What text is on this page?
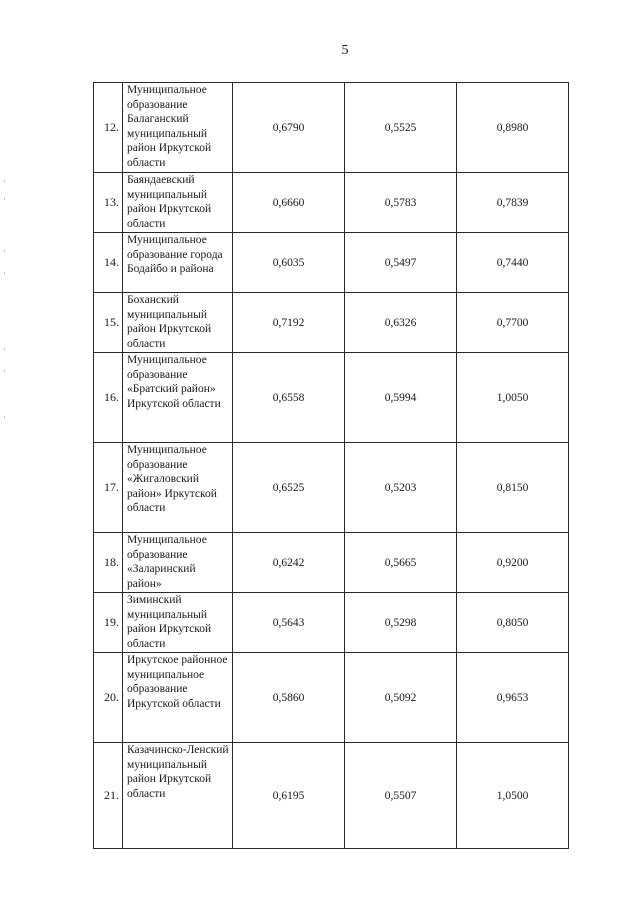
5
12.	Муниципальное образование Балаганский муниципальный район Иркутской области	0,6790	0,5525	0,8980
13.	Баяндаевский муниципальный район Иркутской области	0,6660	0,5783	0,7839
14.	Муниципальное образование города Бодайбо и района	0,6035	0,5497	0,7440
15.	Боханский муниципальный район Иркутской области	0,7192	0,6326	0,7700
16.	Муниципальное образование «Братский район» Иркутской области	0,6558	0,5994	1,0050
17.	Муниципальное образование «Жигаловский район» Иркутской области	0,6525	0,5203	0,8150
18.	Муниципальное образование «Заларинский район»	0,6242	0,5665	0,9200
19.	Зиминский муниципальный район Иркутской области	0,5643	0,5298	0,8050
20.	Иркутское районное муниципальное образование Иркутской области	0,5860	0,5092	0,9653
21.	Казачинско-Ленский муниципальный район Иркутской области	0,6195	0,5507	1,0500
